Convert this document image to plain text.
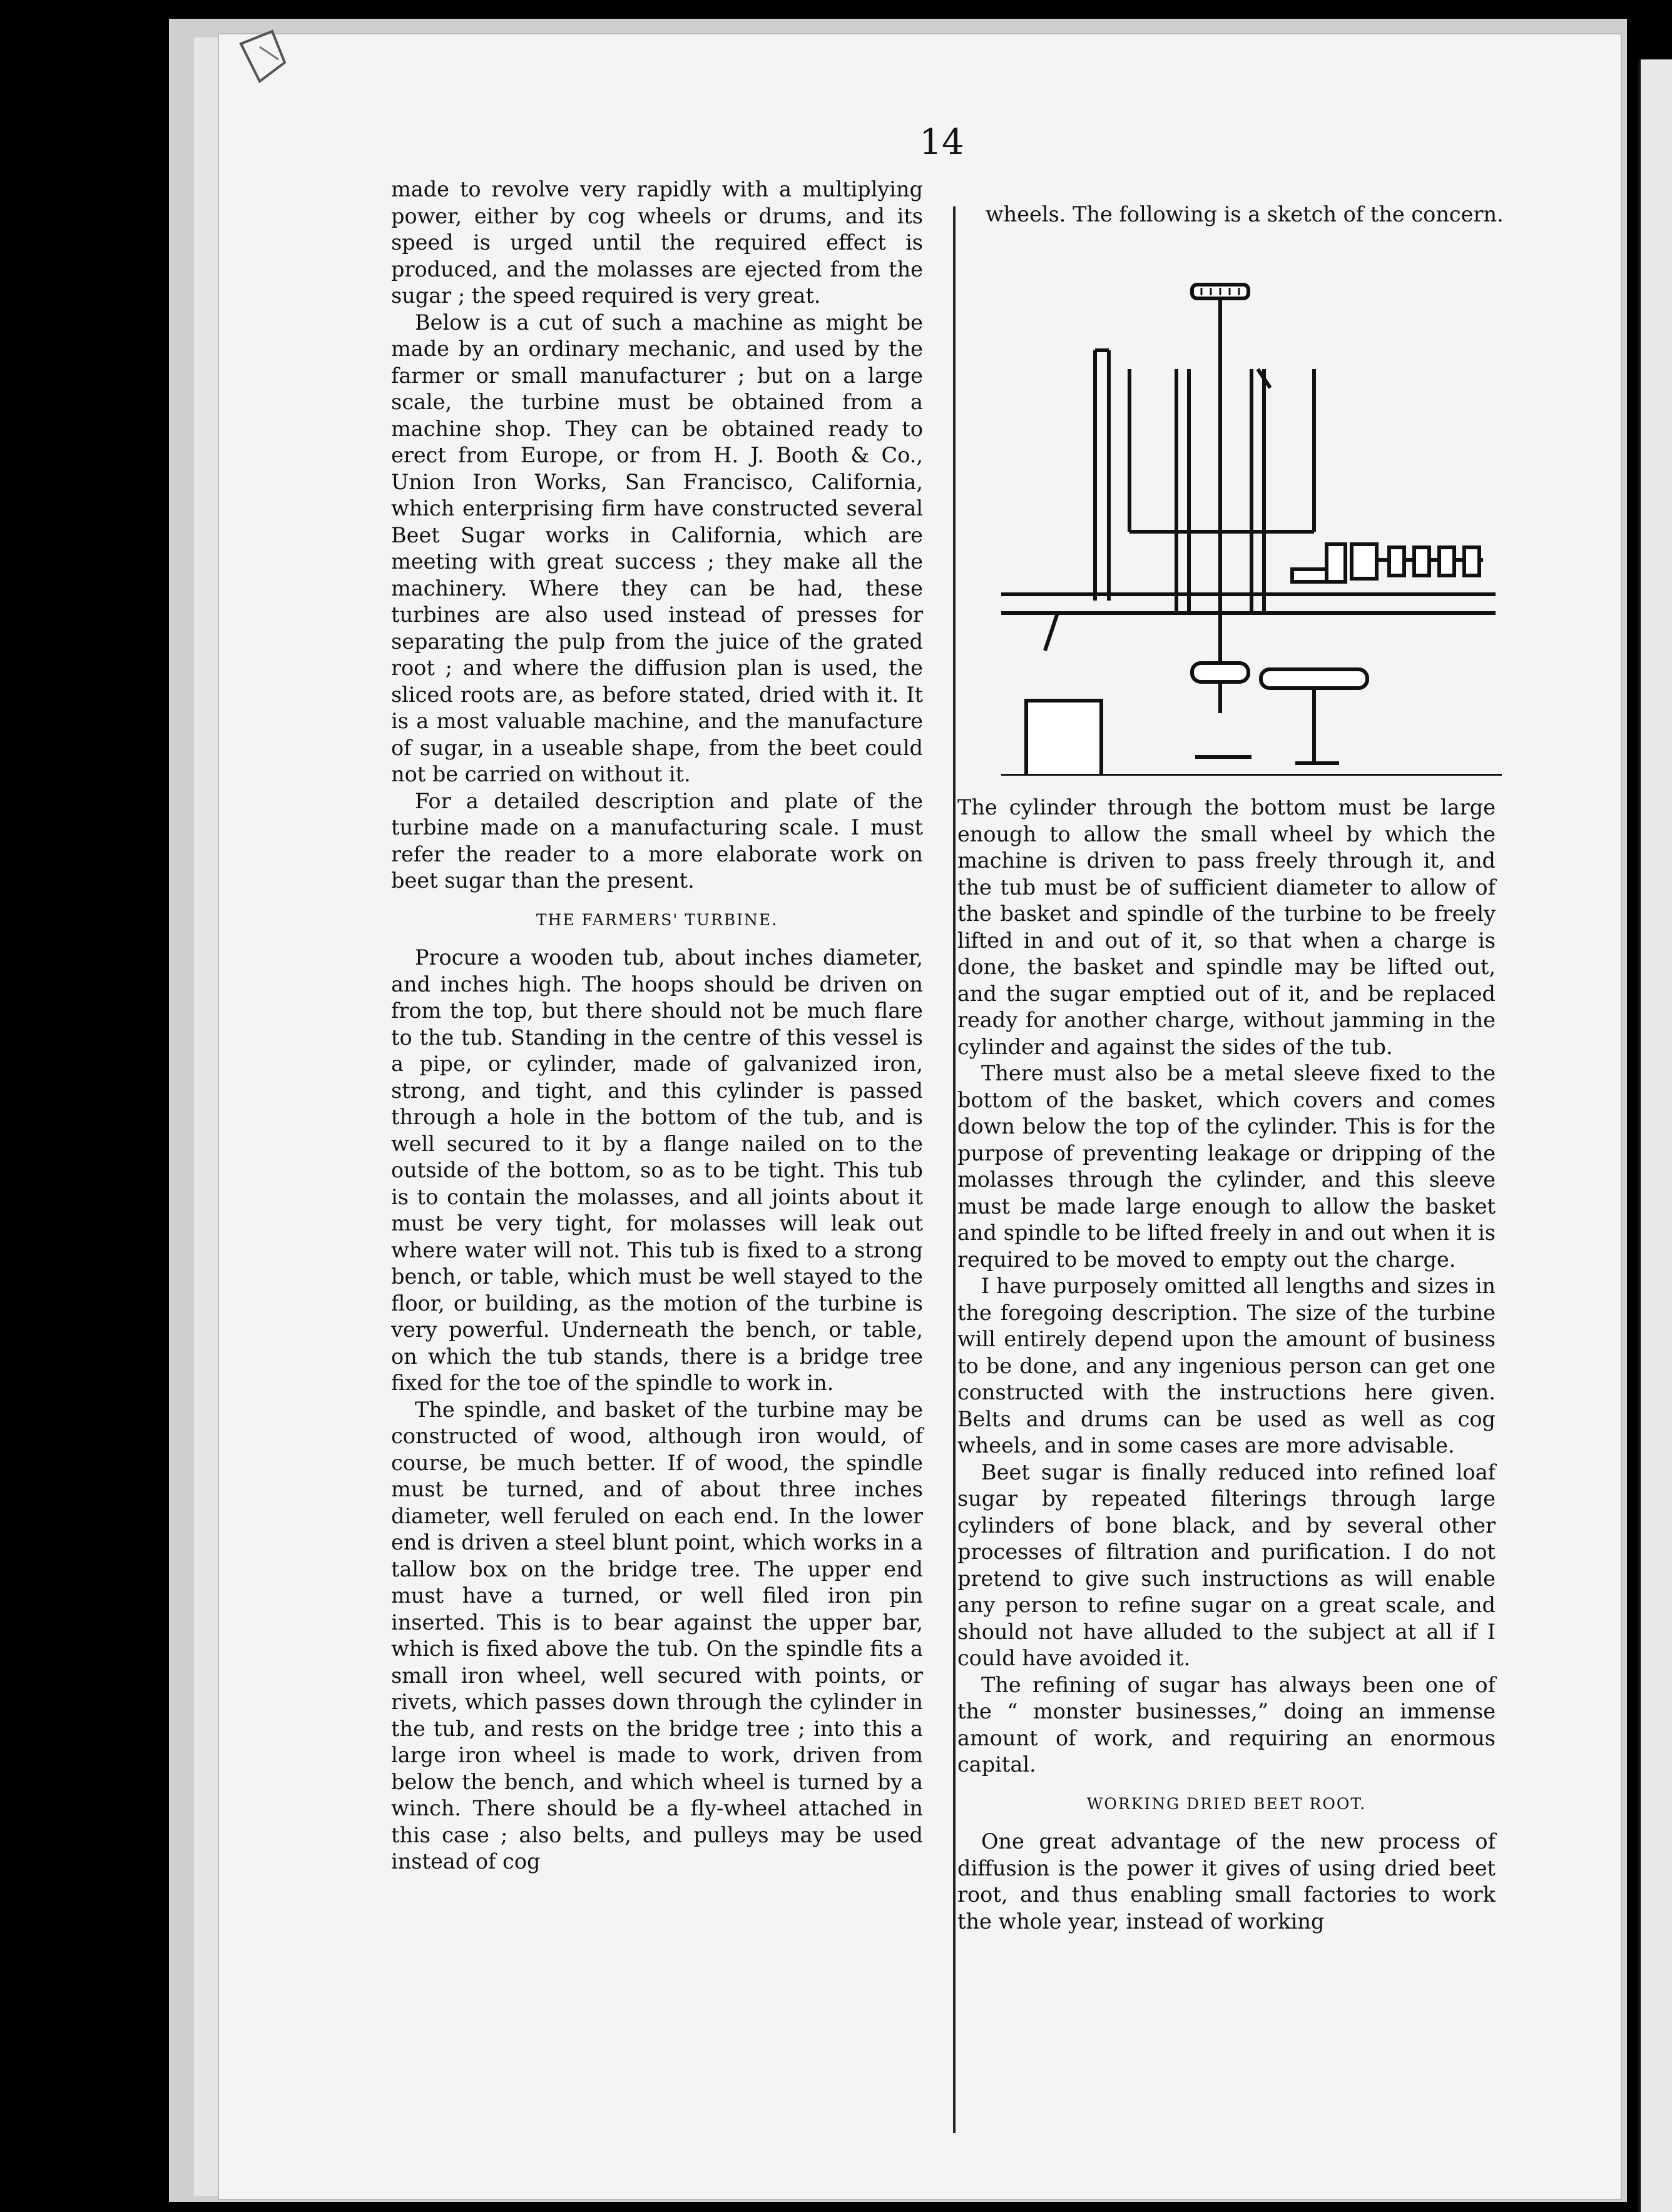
14

made to revolve very rapidly with a multiplying power, either by cog wheels or drums, and its speed is urged until the required effect is produced, and the molasses are ejected from the sugar ; the speed required is very great.

Below is a cut of such a machine as might be made by an ordinary mechanic, and used by the farmer or small manufacturer ; but on a large scale, the turbine must be obtained from a machine shop. They can be obtained ready to erect from Europe, or from H. J. Booth & Co., Union Iron Works, San Francisco, California, which enterprising firm have constructed several Beet Sugar works in California, which are meeting with great success ; they make all the machinery. Where they can be had, these turbines are also used instead of presses for separating the pulp from the juice of the grated root ; and where the diffusion plan is used, the sliced roots are, as before stated, dried with it. It is a most valuable machine, and the manufacture of sugar, in a useable shape, from the beet could not be carried on without it.

For a detailed description and plate of the turbine made on a manufacturing scale. I must refer the reader to a more elaborate work on beet sugar than the present.

THE FARMERS' TURBINE.

Procure a wooden tub, about inches diameter, and inches high. The hoops should be driven on from the top, but there should not be much flare to the tub. Standing in the centre of this vessel is a pipe, or cylinder, made of galvanized iron, strong, and tight, and this cylinder is passed through a hole in the bottom of the tub, and is well secured to it by a flange nailed on to the outside of the bottom, so as to be tight. This tub is to contain the molasses, and all joints about it must be very tight, for molasses will leak out where water will not. This tub is fixed to a strong bench, or table, which must be well stayed to the floor, or building, as the motion of the turbine is very powerful. Underneath the bench, or table, on which the tub stands, there is a bridge tree fixed for the toe of the spindle to work in.

The spindle, and basket of the turbine may be constructed of wood, although iron would, of course, be much better. If of wood, the spindle must be turned, and of about three inches diameter, well feruled on each end. In the lower end is driven a steel blunt point, which works in a tallow box on the bridge tree. The upper end must have a turned, or well filed iron pin inserted. This is to bear against the upper bar, which is fixed above the tub. On the spindle fits a small iron wheel, well secured with points, or rivets, which passes down through the cylinder in the tub, and rests on the bridge tree ; into this a large iron wheel is made to work, driven from below the bench, and which wheel is turned by a winch. There should be a fly-wheel attached in this case ; also belts, and pulleys may be used instead of cog

wheels. The following is a sketch of the concern.

The cylinder through the bottom must be large enough to allow the small wheel by which the machine is driven to pass freely through it, and the tub must be of sufficient diameter to allow of the basket and spindle of the turbine to be freely lifted in and out of it, so that when a charge is done, the basket and spindle may be lifted out, and the sugar emptied out of it, and be replaced ready for another charge, without jamming in the cylinder and against the sides of the tub.

There must also be a metal sleeve fixed to the bottom of the basket, which covers and comes down below the top of the cylinder. This is for the purpose of preventing leakage or dripping of the molasses through the cylinder, and this sleeve must be made large enough to allow the basket and spindle to be lifted freely in and out when it is required to be moved to empty out the charge.

I have purposely omitted all lengths and sizes in the foregoing description. The size of the turbine will entirely depend upon the amount of business to be done, and any ingenious person can get one constructed with the instructions here given. Belts and drums can be used as well as cog wheels, and in some cases are more advisable.

Beet sugar is finally reduced into refined loaf sugar by repeated filterings through large cylinders of bone black, and by several other processes of filtration and purification. I do not pretend to give such instructions as will enable any person to refine sugar on a great scale, and should not have alluded to the subject at all if I could have avoided it.

The refining of sugar has always been one of the “ monster businesses,” doing an immense amount of work, and requiring an enormous capital.

WORKING DRIED BEET ROOT.

One great advantage of the new process of diffusion is the power it gives of using dried beet root, and thus enabling small factories to work the whole year, instead of working
